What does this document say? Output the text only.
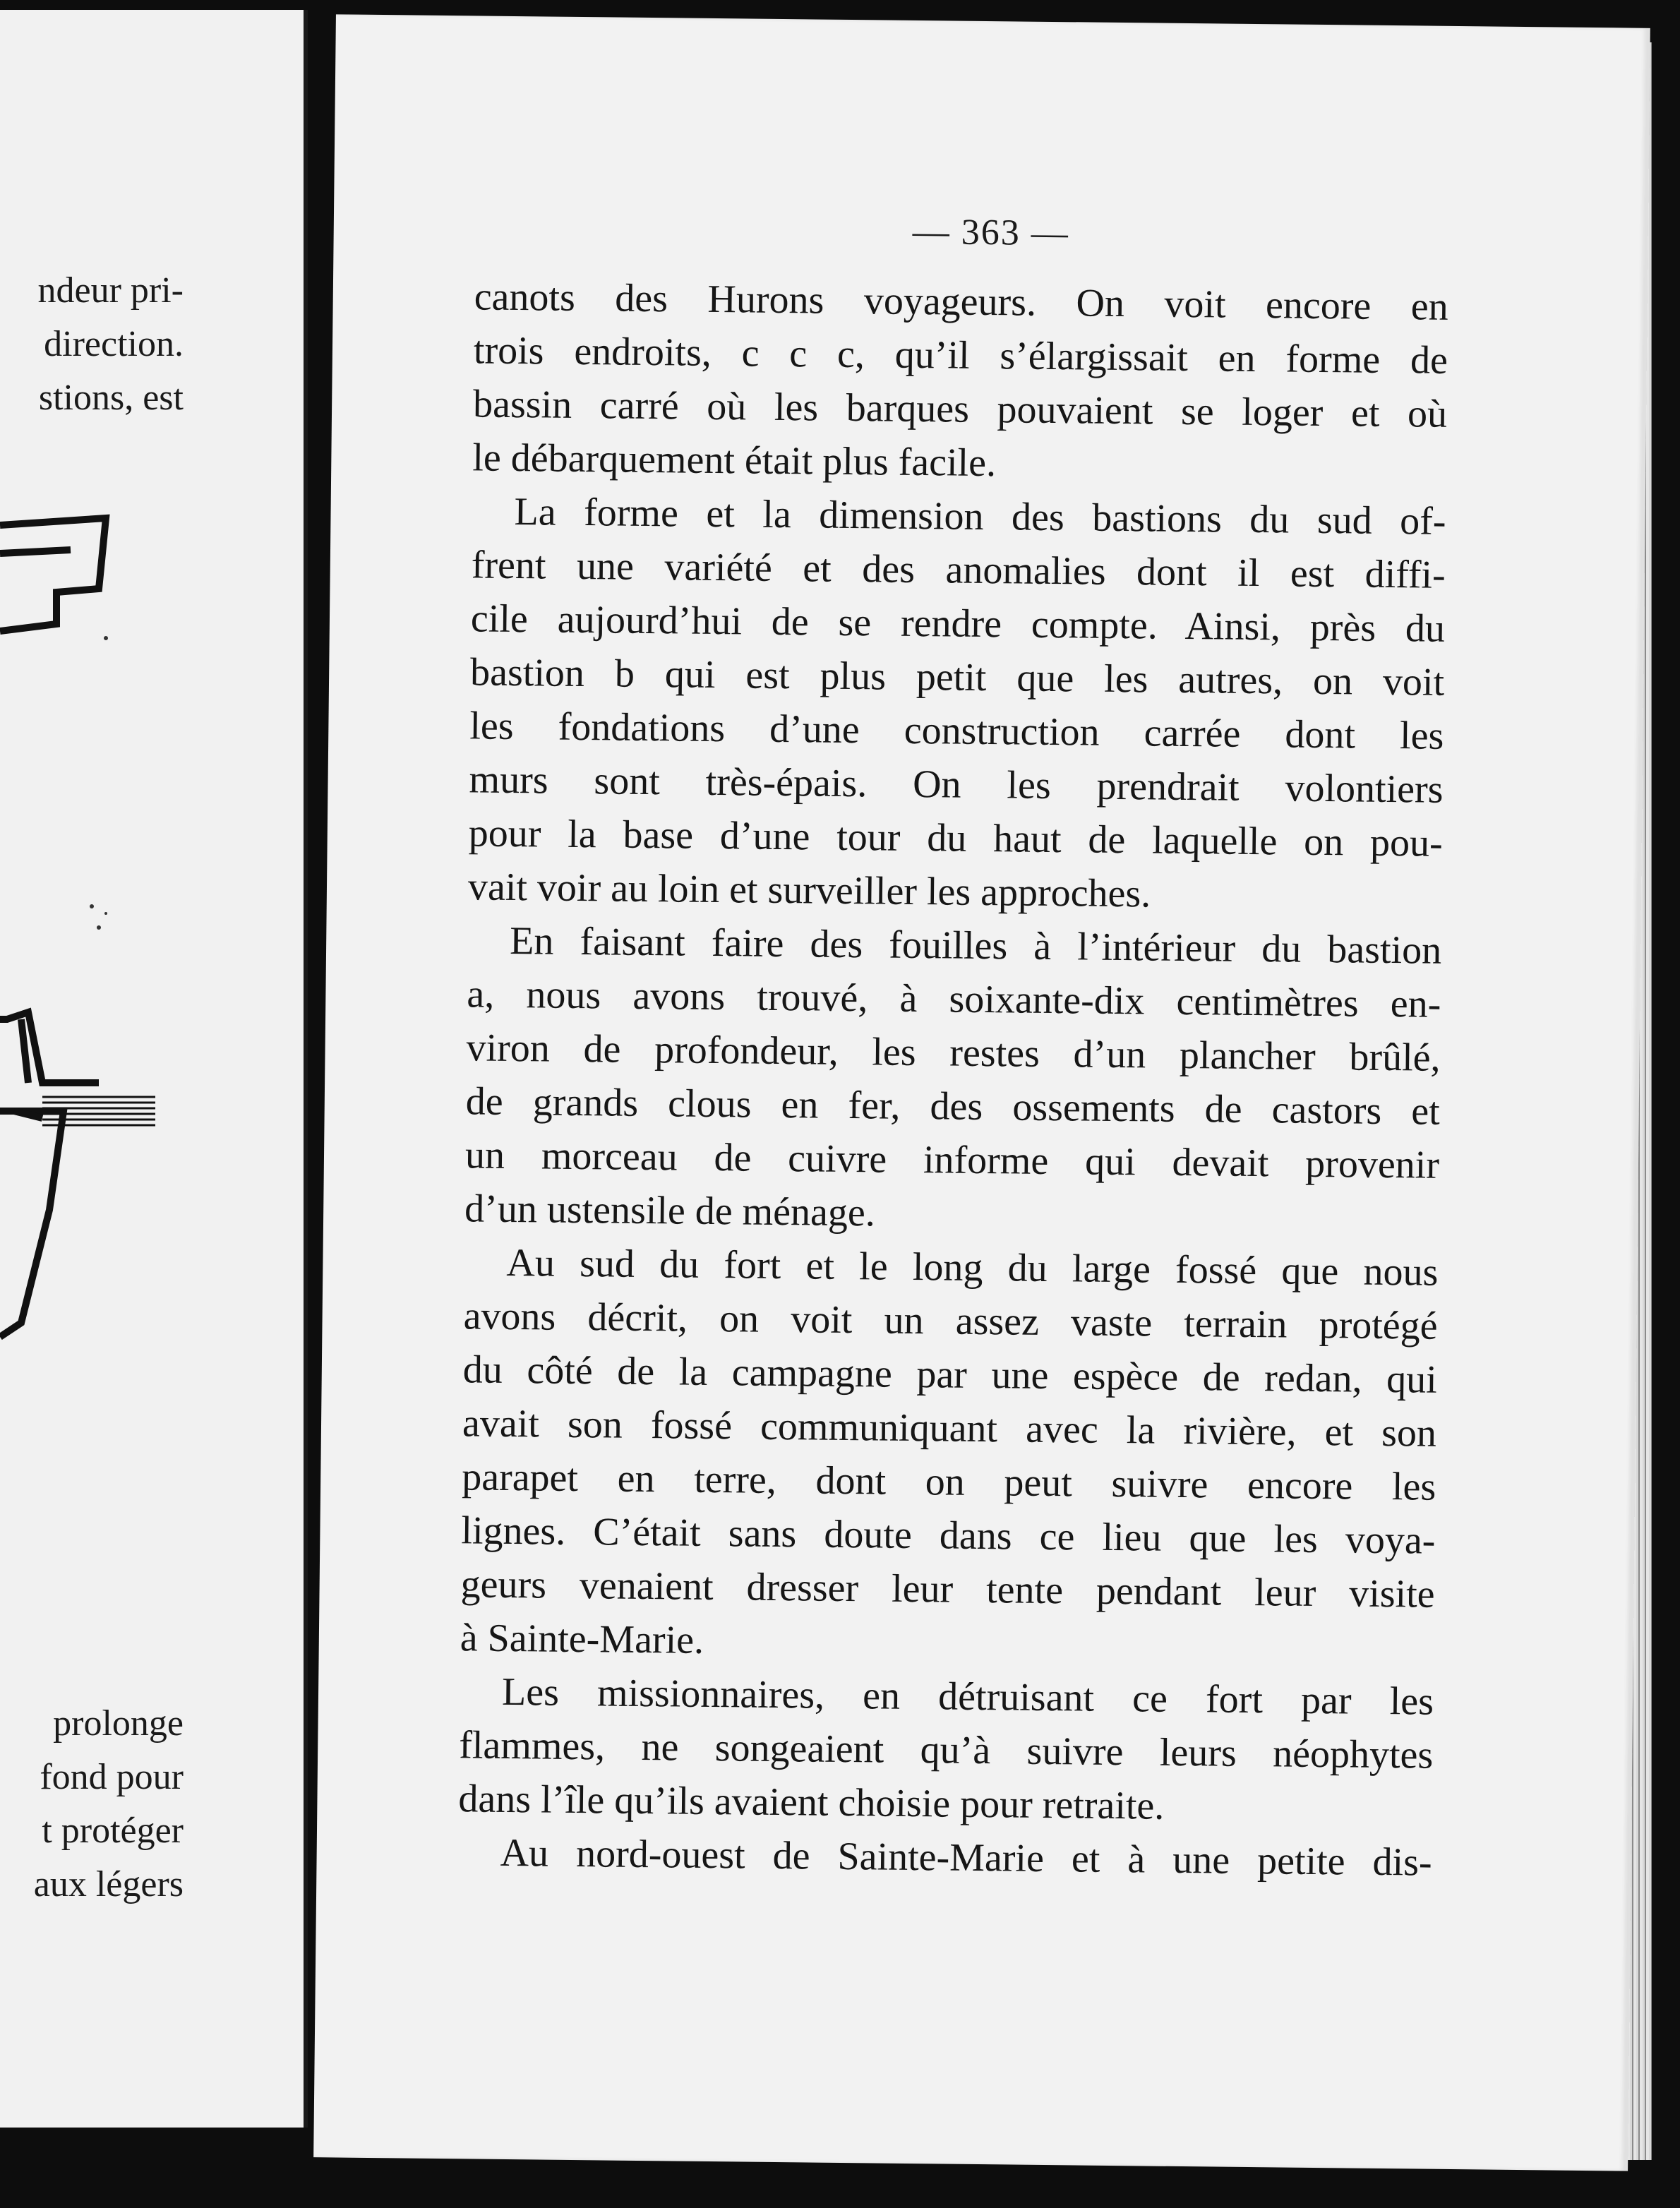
ndeur pri-
direction.
stions, est
prolonge
fond pour
t protéger
aux légers
— 363 —

canots des Hurons voyageurs. On voit encore en

trois endroits, c c c, qu’il s’élargissait en forme de

bassin carré où les barques pouvaient se loger et où

le débarquement était plus facile.

La forme et la dimension des bastions du sud of-

frent une variété et des anomalies dont il est diffi-

cile aujourd’hui de se rendre compte. Ainsi, près du

bastion b qui est plus petit que les autres, on voit

les fondations d’une construction carrée dont les

murs sont très-épais. On les prendrait volontiers

pour la base d’une tour du haut de laquelle on pou-

vait voir au loin et surveiller les approches.

En faisant faire des fouilles à l’intérieur du bastion

a, nous avons trouvé, à soixante-dix centimètres en-

viron de profondeur, les restes d’un plancher brûlé,

de grands clous en fer, des ossements de castors et

un morceau de cuivre informe qui devait provenir

d’un ustensile de ménage.

Au sud du fort et le long du large fossé que nous

avons décrit, on voit un assez vaste terrain protégé

du côté de la campagne par une espèce de redan, qui

avait son fossé communiquant avec la rivière, et son

parapet en terre, dont on peut suivre encore les

lignes. C’était sans doute dans ce lieu que les voya-

geurs venaient dresser leur tente pendant leur visite

à Sainte-Marie.

Les missionnaires, en détruisant ce fort par les

flammes, ne songeaient qu’à suivre leurs néophytes

dans l’île qu’ils avaient choisie pour retraite.

Au nord-ouest de Sainte-Marie et à une petite dis-
